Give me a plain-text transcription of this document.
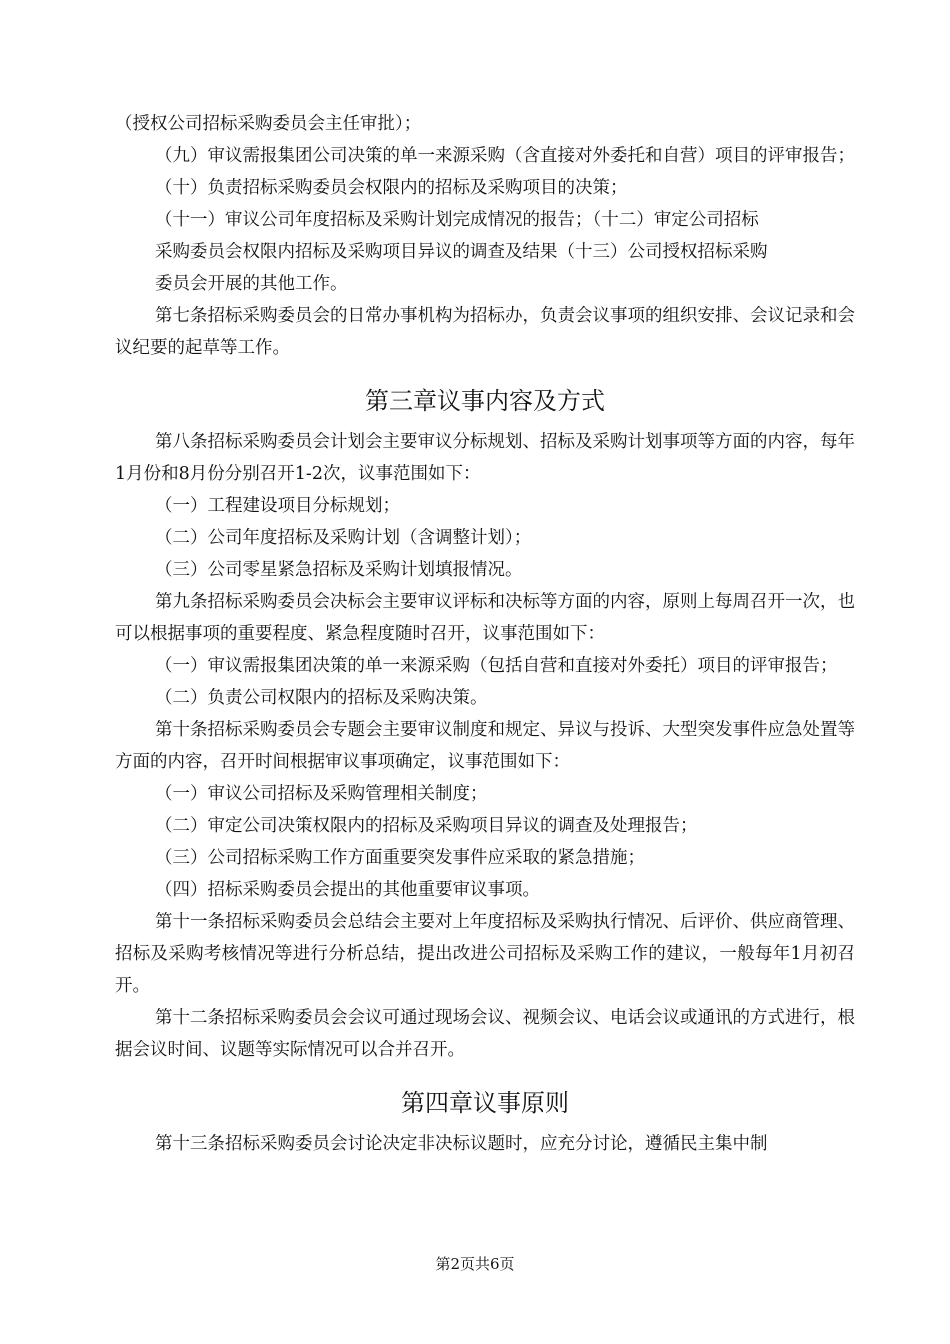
（授权公司招标采购委员会主任审批）；

（九）审议需报集团公司决策的单一来源采购（含直接对外委托和自营）项目的评审报告；

（十）负责招标采购委员会权限内的招标及采购项目的决策；

（十一）审议公司年度招标及采购计划完成情况的报告；（十二）审定公司招标

采购委员会权限内招标及采购项目异议的调查及结果（十三）公司授权招标采购

委员会开展的其他工作。

第七条招标采购委员会的日常办事机构为招标办，负责会议事项的组织安排、会议记录和会议纪要的起草等工作。

第三章议事内容及方式

第八条招标采购委员会计划会主要审议分标规划、招标及采购计划事项等方面的内容，每年1月份和8月份分别召开1-2次，议事范围如下：

（一）工程建设项目分标规划；

（二）公司年度招标及采购计划（含调整计划）；

（三）公司零星紧急招标及采购计划填报情况。

第九条招标采购委员会决标会主要审议评标和决标等方面的内容，原则上每周召开一次，也可以根据事项的重要程度、紧急程度随时召开，议事范围如下：

（一）审议需报集团决策的单一来源采购（包括自营和直接对外委托）项目的评审报告；

（二）负责公司权限内的招标及采购决策。

第十条招标采购委员会专题会主要审议制度和规定、异议与投诉、大型突发事件应急处置等方面的内容，召开时间根据审议事项确定，议事范围如下：

（一）审议公司招标及采购管理相关制度；

（二）审定公司决策权限内的招标及采购项目异议的调查及处理报告；

（三）公司招标采购工作方面重要突发事件应采取的紧急措施；

（四）招标采购委员会提出的其他重要审议事项。

第十一条招标采购委员会总结会主要对上年度招标及采购执行情况、后评价、供应商管理、招标及采购考核情况等进行分析总结，提出改进公司招标及采购工作的建议，一般每年1月初召开。

第十二条招标采购委员会会议可通过现场会议、视频会议、电话会议或通讯的方式进行，根据会议时间、议题等实际情况可以合并召开。

第四章议事原则

第十三条招标采购委员会讨论决定非决标议题时，应充分讨论，遵循民主集中制

第2页共6页
